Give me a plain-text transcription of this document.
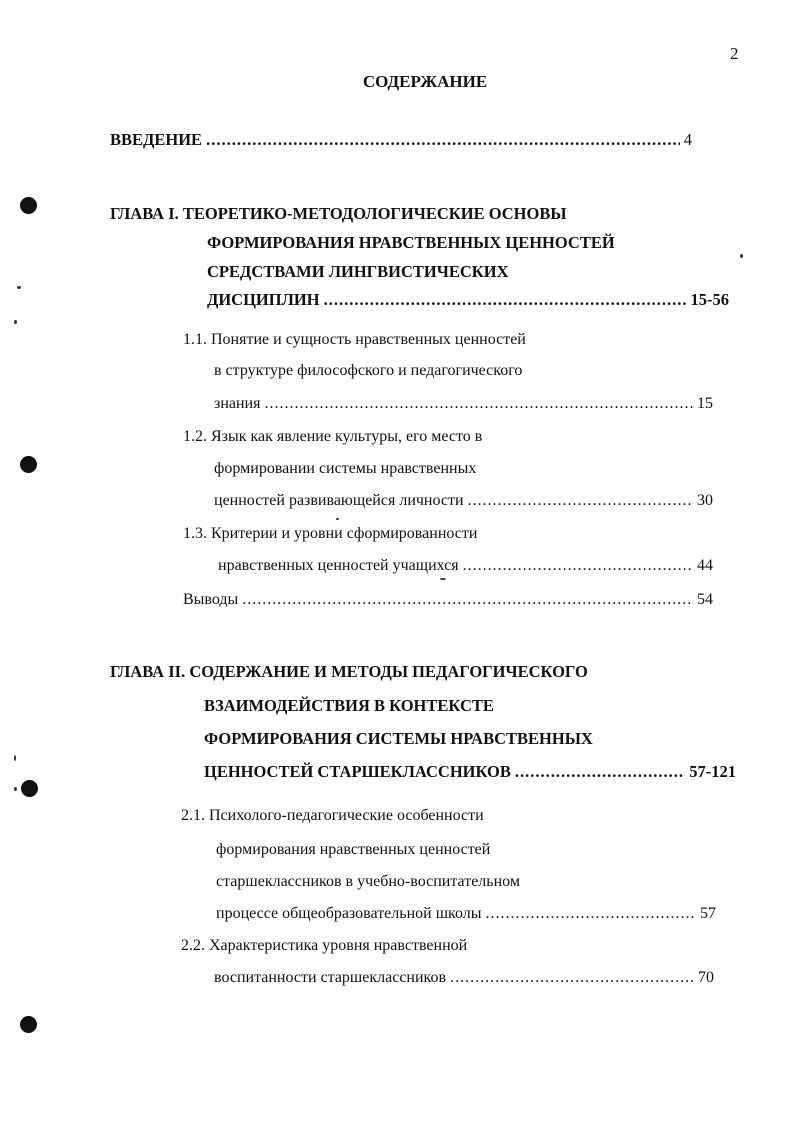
2
СОДЕРЖАНИЕ
ВВЕДЕНИЕ .....	4
ГЛАВА I. ТЕОРЕТИКО-МЕТОДОЛОГИЧЕСКИЕ ОСНОВЫ
ФОРМИРОВАНИЯ НРАВСТВЕННЫХ ЦЕННОСТЕЙ
СРЕДСТВАМИ ЛИНГВИСТИЧЕСКИХ
ДИСЦИПЛИН .....	15-56
1.1. Понятие и сущность нравственных ценностей
в структуре философского и педагогического
знания .....	15
1.2. Язык как явление культуры, его место в
формировании системы нравственных
ценностей развивающейся личности .....	30
1.3. Критерии и уровни сформированности
нравственных ценностей учащихся .....	44
Выводы .....	54
ГЛАВА II. СОДЕРЖАНИЕ И МЕТОДЫ ПЕДАГОГИЧЕСКОГО
ВЗАИМОДЕЙСТВИЯ В КОНТЕКСТЕ
ФОРМИРОВАНИЯ СИСТЕМЫ НРАВСТВЕННЫХ
ЦЕННОСТЕЙ СТАРШЕКЛАССНИКОВ .....	57-121
2.1. Психолого-педагогические особенности
формирования нравственных ценностей
старшеклассников в учебно-воспитательном
процессе общеобразовательной школы .....	57
2.2. Характеристика уровня нравственной
воспитанности старшеклассников .....	70
